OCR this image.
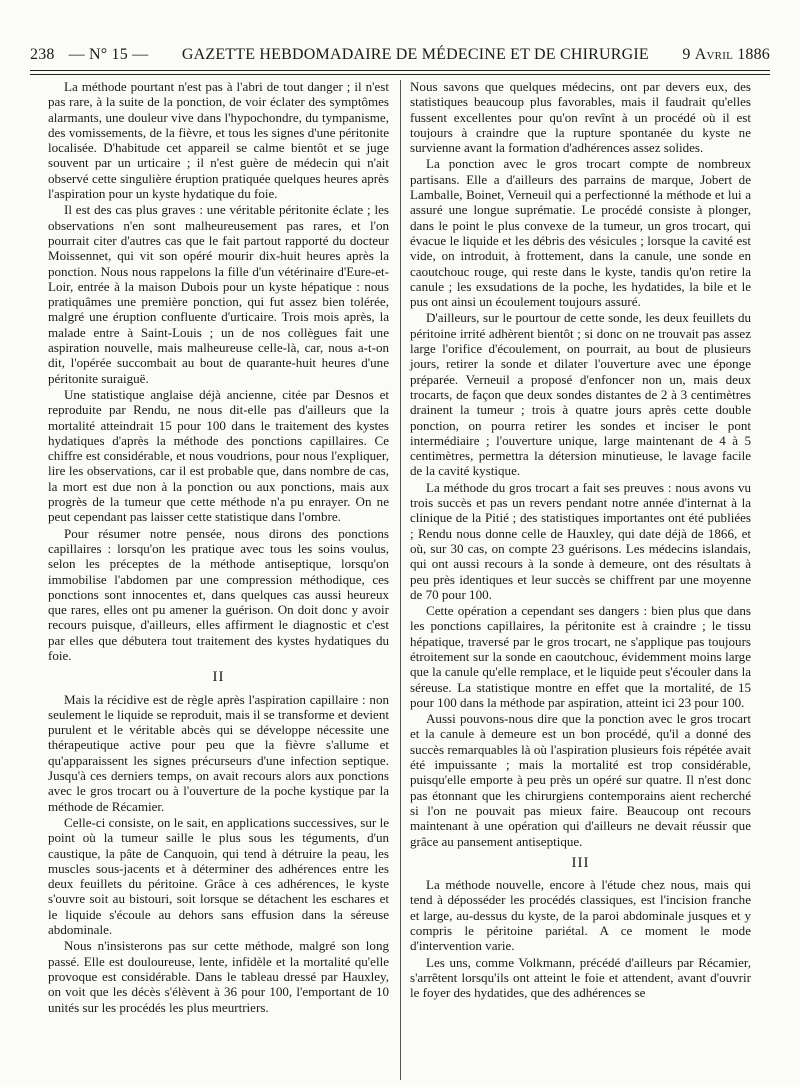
238 — N° 15 —	GAZETTE HEBDOMADAIRE DE MÉDECINE ET DE CHIRURGIE	9 Avril 1886

La méthode pourtant n'est pas à l'abri de tout danger ; il n'est pas rare, à la suite de la ponction, de voir éclater des symptômes alarmants, une douleur vive dans l'hypochondre, du tympanisme, des vomissements, de la fièvre, et tous les signes d'une péritonite localisée. D'habitude cet appareil se calme bientôt et se juge souvent par un urticaire ; il n'est guère de médecin qui n'ait observé cette singulière éruption pratiquée quelques heures après l'aspiration pour un kyste hydatique du foie.

Il est des cas plus graves : une véritable péritonite éclate ; les observations n'en sont malheureusement pas rares, et l'on pourrait citer d'autres cas que le fait partout rapporté du docteur Moissennet, qui vit son opéré mourir dix-huit heures après la ponction. Nous nous rappelons la fille d'un vétérinaire d'Eure-et-Loir, entrée à la maison Dubois pour un kyste hépatique : nous pratiquâmes une première ponction, qui fut assez bien tolérée, malgré une éruption confluente d'urticaire. Trois mois après, la malade entre à Saint-Louis ; un de nos collègues fait une aspiration nouvelle, mais malheureuse celle-là, car, nous a-t-on dit, l'opérée succombait au bout de quarante-huit heures d'une péritonite suraiguë.

Une statistique anglaise déjà ancienne, citée par Desnos et reproduite par Rendu, ne nous dit-elle pas d'ailleurs que la mortalité atteindrait 15 pour 100 dans le traitement des kystes hydatiques d'après la méthode des ponctions capillaires. Ce chiffre est considérable, et nous voudrions, pour nous l'expliquer, lire les observations, car il est probable que, dans nombre de cas, la mort est due non à la ponction ou aux ponctions, mais aux progrès de la tumeur que cette méthode n'a pu enrayer. On ne peut cependant pas laisser cette statistique dans l'ombre.

Pour résumer notre pensée, nous dirons des ponctions capillaires : lorsqu'on les pratique avec tous les soins voulus, selon les préceptes de la méthode antiseptique, lorsqu'on immobilise l'abdomen par une compression méthodique, ces ponctions sont innocentes et, dans quelques cas aussi heureux que rares, elles ont pu amener la guérison. On doit donc y avoir recours puisque, d'ailleurs, elles affirment le diagnostic et c'est par elles que débutera tout traitement des kystes hydatiques du foie.

II

Mais la récidive est de règle après l'aspiration capillaire : non seulement le liquide se reproduit, mais il se transforme et devient purulent et le véritable abcès qui se développe nécessite une thérapeutique active pour peu que la fièvre s'allume et qu'apparaissent les signes précurseurs d'une infection septique. Jusqu'à ces derniers temps, on avait recours alors aux ponctions avec le gros trocart ou à l'ouverture de la poche kystique par la méthode de Récamier.

Celle-ci consiste, on le sait, en applications successives, sur le point où la tumeur saille le plus sous les téguments, d'un caustique, la pâte de Canquoin, qui tend à détruire la peau, les muscles sous-jacents et à déterminer des adhérences entre les deux feuillets du péritoine. Grâce à ces adhérences, le kyste s'ouvre soit au bistouri, soit lorsque se détachent les eschares et le liquide s'écoule au dehors sans effusion dans la séreuse abdominale.

Nous n'insisterons pas sur cette méthode, malgré son long passé. Elle est douloureuse, lente, infidèle et la mortalité qu'elle provoque est considérable. Dans le tableau dressé par Hauxley, on voit que les décès s'élèvent à 36 pour 100, l'emportant de 10 unités sur les procédés les plus meurtriers.

Nous savons que quelques médecins, ont par devers eux, des statistiques beaucoup plus favorables, mais il faudrait qu'elles fussent excellentes pour qu'on revînt à un procédé où il est toujours à craindre que la rupture spontanée du kyste ne survienne avant la formation d'adhérences assez solides.

La ponction avec le gros trocart compte de nombreux partisans. Elle a d'ailleurs des parrains de marque, Jobert de Lamballe, Boinet, Verneuil qui a perfectionné la méthode et lui a assuré une longue suprématie. Le procédé consiste à plonger, dans le point le plus convexe de la tumeur, un gros trocart, qui évacue le liquide et les débris des vésicules ; lorsque la cavité est vide, on introduit, à frottement, dans la canule, une sonde en caoutchouc rouge, qui reste dans le kyste, tandis qu'on retire la canule ; les exsudations de la poche, les hydatides, la bile et le pus ont ainsi un écoulement toujours assuré.

D'ailleurs, sur le pourtour de cette sonde, les deux feuillets du péritoine irrité adhèrent bientôt ; si donc on ne trouvait pas assez large l'orifice d'écoulement, on pourrait, au bout de plusieurs jours, retirer la sonde et dilater l'ouverture avec une éponge préparée. Verneuil a proposé d'enfoncer non un, mais deux trocarts, de façon que deux sondes distantes de 2 à 3 centimètres drainent la tumeur ; trois à quatre jours après cette double ponction, on pourra retirer les sondes et inciser le pont intermédiaire ; l'ouverture unique, large maintenant de 4 à 5 centimètres, permettra la détersion minutieuse, le lavage facile de la cavité kystique.

La méthode du gros trocart a fait ses preuves : nous avons vu trois succès et pas un revers pendant notre année d'internat à la clinique de la Pitié ; des statistiques importantes ont été publiées ; Rendu nous donne celle de Hauxley, qui date déjà de 1866, et où, sur 30 cas, on compte 23 guérisons. Les médecins islandais, qui ont aussi recours à la sonde à demeure, ont des résultats à peu près identiques et leur succès se chiffrent par une moyenne de 70 pour 100.

Cette opération a cependant ses dangers : bien plus que dans les ponctions capillaires, la péritonite est à craindre ; le tissu hépatique, traversé par le gros trocart, ne s'applique pas toujours étroitement sur la sonde en caoutchouc, évidemment moins large que la canule qu'elle remplace, et le liquide peut s'écouler dans la séreuse. La statistique montre en effet que la mortalité, de 15 pour 100 dans la méthode par aspiration, atteint ici 23 pour 100.

Aussi pouvons-nous dire que la ponction avec le gros trocart et la canule à demeure est un bon procédé, qu'il a donné des succès remarquables là où l'aspiration plusieurs fois répétée avait été impuissante ; mais la mortalité est trop considérable, puisqu'elle emporte à peu près un opéré sur quatre. Il n'est donc pas étonnant que les chirurgiens contemporains aient recherché si l'on ne pouvait pas mieux faire. Beaucoup ont recours maintenant à une opération qui d'ailleurs ne devait réussir que grâce au pansement antiseptique.

III

La méthode nouvelle, encore à l'étude chez nous, mais qui tend à déposséder les procédés classiques, est l'incision franche et large, au-dessus du kyste, de la paroi abdominale jusques et y compris le péritoine pariétal. A ce moment le mode d'intervention varie.

Les uns, comme Volkmann, précédé d'ailleurs par Récamier, s'arrêtent lorsqu'ils ont atteint le foie et attendent, avant d'ouvrir le foyer des hydatides, que des adhérences se
